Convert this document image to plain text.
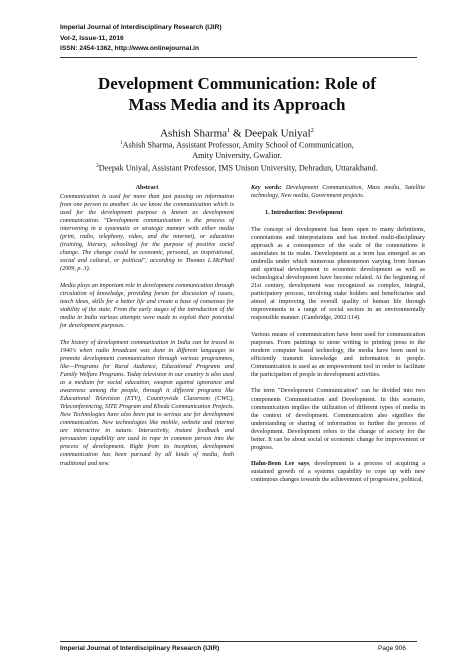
Imperial Journal of Interdisciplinary Research (IJIR)
Vol-2, Issue-11, 2016
ISSN: 2454-1362, http://www.onlinejournal.in
Development Communication: Role of
Mass Media and its Approach
Ashish Sharma$^1$ & Deepak Uniyal$^2$
$^1$Ashish Sharma, Assistant Professor, Amity School of Communication,
Amity University, Gwalior.
$^2$Deepak Uniyal, Assistant Professor, IMS Unison University, Dehradun, Uttarakhand.
Abstract

Communication is used for more than just passing on information from one person to another. As we know the communication which is used for the development purpose is known as development communication. "Development communication is the process of intervening in a systematic or strategic manner with either media (print, radio, telephony, video, and the internet), or education (training, literacy, schooling) for the purpose of positive social change. The change could be economic, personal, as inspirational, social and cultural, or political", according to Thomas L.McPhail (2009, p. 3).

Media plays an important role in development communication through circulation of knowledge, providing forum for discussion of issues, teach ideas, skills for a better life and create a base of consensus for stability of the state. From the early stages of the introduction of the media in India various attempts were made to exploit their potential for development purposes.

The history of development communication in India can be traced to 1940's when radio broadcast was done in different languages to promote development communication through various programmes, like—Programs for Rural Audience, Educational Programs and Family Welfare Programs. Today television in our country is also used as a medium for social education, weapon against ignorance and awareness among the people, through it different programs like Educational Television (ETV), Countrywide Classroom (CWC), Teleconferencing, SITE Program and Kheda Communication Projects. New Technologies have also been put to serious use for development communication. New technologies like mobile, website and internet are interactive in nature. Interactivity, instant feedback and persuasion capability are used to rope in common person into the process of development. Right from its inception, development communication has been pursued by all kinds of media, both traditional and new.

Key words: Development Communication, Mass media, Satellite technology, New media, Government projects.

1. Introduction: Development

The concept of development has been open to many definitions, connotations and interpretations and has invited multi-disciplinary approach as a consequence of the scale of the connotations it assimilates in its realm. Development as a term has emerged as an umbrella under which numerous phenomenon varying from human and spiritual development to economic development as well as technological development have become related. At the beginning of 21st century, development was recognized as complex, integral, participatory process, involving stake holders and beneficiaries and aimed at improving the overall quality of human life through improvements in a range of social sectors in an environmentally responsible manner. (Cambridge, 2002:114).

Various means of communication have been used for communication purposes. From paintings to stone writing to printing press to the modern computer based technology, the media have been used to efficiently transmit knowledge and information to people. Communication is used as an empowerment tool in order to facilitate the participation of people in development activities.

The term "Development Communication" can be divided into two components Communication and Development. In this scenario, communication implies the utilization of different types of media in the context of development. Communication also signifies the understanding or sharing of information to further the process of development. Development refers to the change of society for the better. It can be about social or economic change for improvement or progress.

Hahn-Beon Lee says, development is a process of acquiring a sustained growth of a systems capability to cope up with new continuous changes towards the achievement of progressive, political,

Imperial Journal of Interdisciplinary Research (IJIR)	Page 906
